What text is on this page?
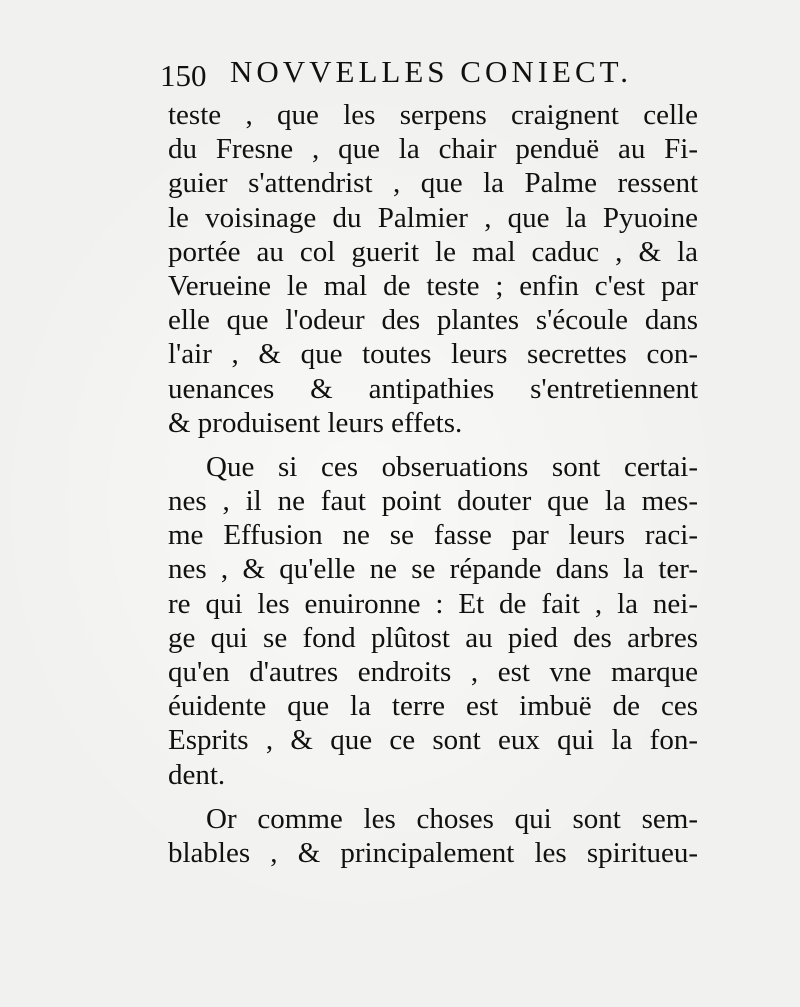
150 NOVVELLES CONIECT.
teste , que les serpens craignent celle
du Fresne , que la chair penduë au Fi-
guier s'attendrist , que la Palme ressent
le voisinage du Palmier , que la Pyuoine
portée au col guerit le mal caduc , & la
Verueine le mal de teste ; enfin c'est par
elle que l'odeur des plantes s'écoule dans
l'air , & que toutes leurs secrettes con-
uenances & antipathies s'entretiennent
& produisent leurs effets.
Que si ces obseruations sont certai-
nes , il ne faut point douter que la mes-
me Effusion ne se fasse par leurs raci-
nes , & qu'elle ne se répande dans la ter-
re qui les enuironne : Et de fait , la nei-
ge qui se fond plûtost au pied des arbres
qu'en d'autres endroits , est vne marque
éuidente que la terre est imbuë de ces
Esprits , & que ce sont eux qui la fon-
dent.
Or comme les choses qui sont sem-
blables , & principalement les spiritueu-
